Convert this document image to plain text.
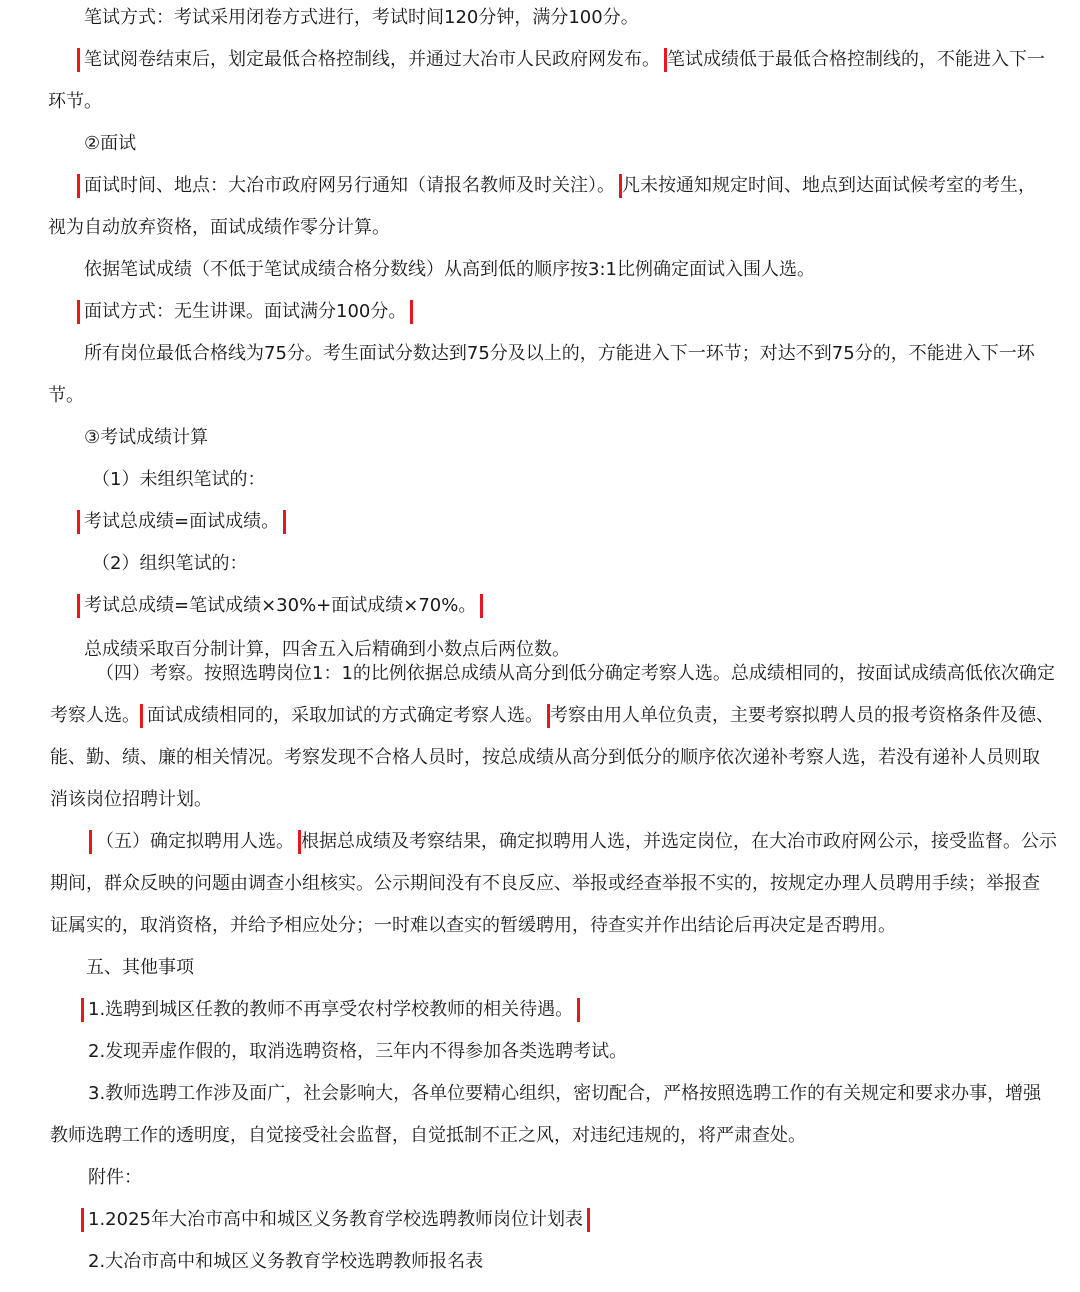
笔试方式：考试采用闭卷方式进行，考试时间120分钟，满分100分。
笔试阅卷结束后，划定最低合格控制线，并通过大冶市人民政府网发布。 笔试成绩低于最低合格控制线的，不能进入下一
环节。
②面试
面试时间、地点：大冶市政府网另行通知（请报名教师及时关注）。 凡未按通知规定时间、地点到达面试候考室的考生，
视为自动放弃资格，面试成绩作零分计算。
依据笔试成绩（不低于笔试成绩合格分数线）从高到低的顺序按3:1比例确定面试入围人选。
面试方式：无生讲课。面试满分100分。
所有岗位最低合格线为75分。考生面试分数达到75分及以上的，方能进入下一环节；对达不到75分的，不能进入下一环
节。
③考试成绩计算
（1）未组织笔试的：
考试总成绩=面试成绩。
（2）组织笔试的：
考试总成绩=笔试成绩×30%+面试成绩×70%。
总成绩采取百分制计算，四舍五入后精确到小数点后两位数。
（四）考察。按照选聘岗位1：1的比例依据总成绩从高分到低分确定考察人选。总成绩相同的，按面试成绩高低依次确定
考察人选。 面试成绩相同的，采取加试的方式确定考察人选。 考察由用人单位负责，主要考察拟聘人员的报考资格条件及德、
能、勤、绩、廉的相关情况。考察发现不合格人员时，按总成绩从高分到低分的顺序依次递补考察人选，若没有递补人员则取
消该岗位招聘计划。
（五）确定拟聘用人选。 根据总成绩及考察结果，确定拟聘用人选，并选定岗位，在大冶市政府网公示，接受监督。公示
期间，群众反映的问题由调查小组核实。公示期间没有不良反应、举报或经查举报不实的，按规定办理人员聘用手续；举报查
证属实的，取消资格，并给予相应处分；一时难以查实的暂缓聘用，待查实并作出结论后再决定是否聘用。
五、其他事项
1.选聘到城区任教的教师不再享受农村学校教师的相关待遇。
2.发现弄虚作假的，取消选聘资格，三年内不得参加各类选聘考试。
3.教师选聘工作涉及面广，社会影响大，各单位要精心组织，密切配合，严格按照选聘工作的有关规定和要求办事，增强
教师选聘工作的透明度，自觉接受社会监督，自觉抵制不正之风，对违纪违规的，将严肃查处。
附件：
1.2025年大冶市高中和城区义务教育学校选聘教师岗位计划表
2.大冶市高中和城区义务教育学校选聘教师报名表
